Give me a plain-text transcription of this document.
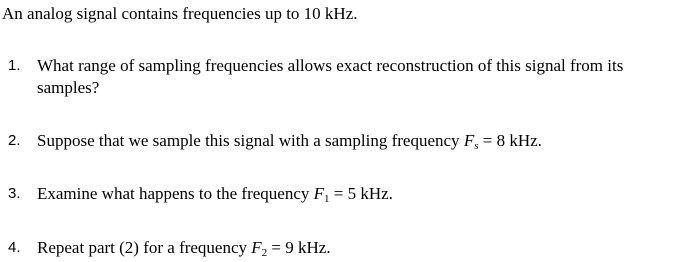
An analog signal contains frequencies up to 10 kHz.
1. What range of sampling frequencies allows exact reconstruction of this signal from its samples?
2. Suppose that we sample this signal with a sampling frequency $F_s = 8$ kHz.
3. Examine what happens to the frequency $F_1 = 5$ kHz.
4. Repeat part (2) for a frequency $F_2 = 9$ kHz.
